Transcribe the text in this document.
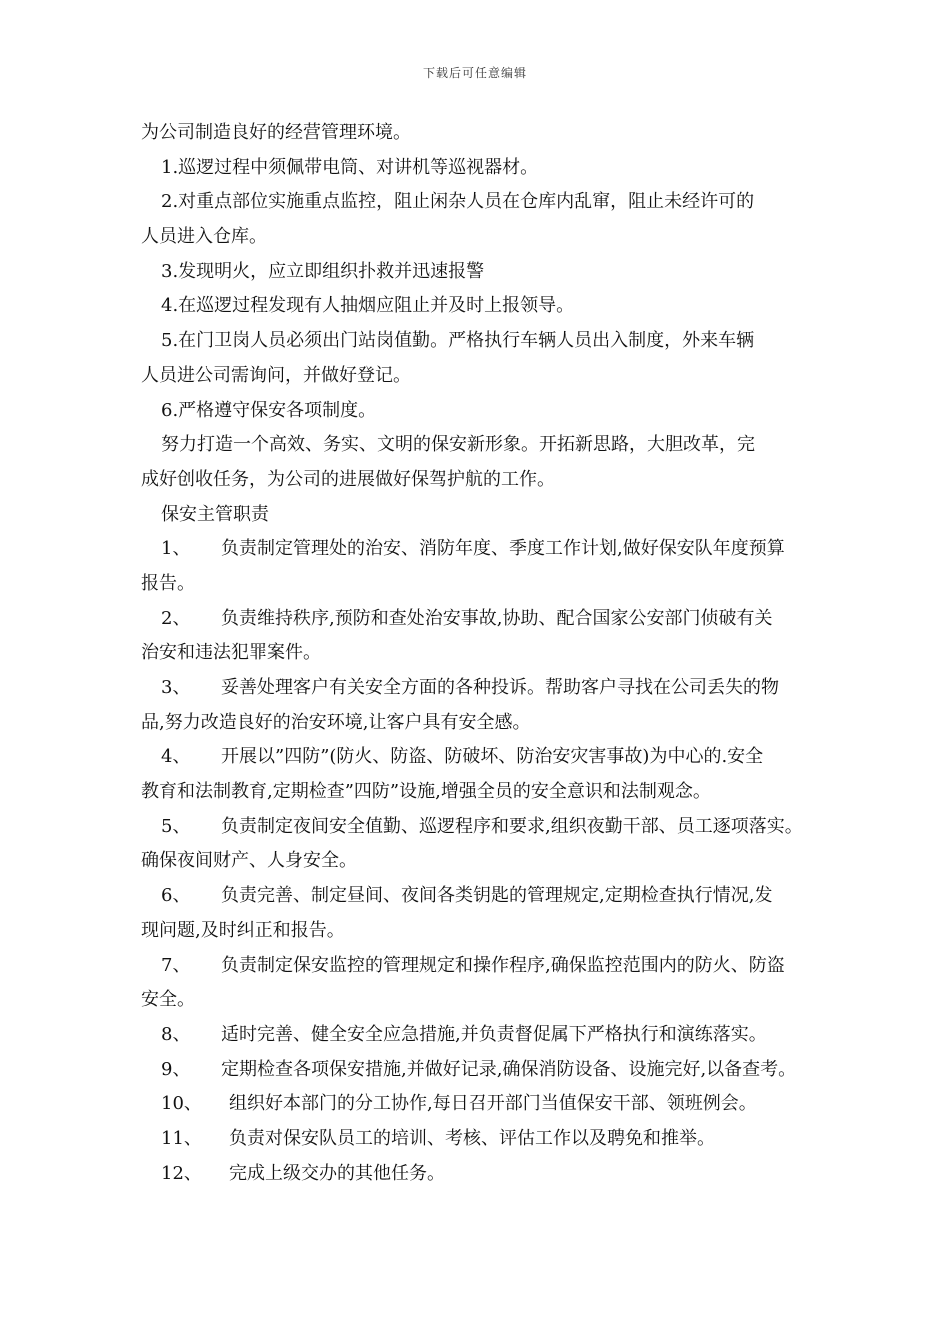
下载后可任意编辑
为公司制造良好的经营管理环境。
1.巡逻过程中须佩带电筒、对讲机等巡视器材。
2.对重点部位实施重点监控，阻止闲杂人员在仓库内乱窜，阻止未经许可的
人员进入仓库。
3.发现明火，应立即组织扑救并迅速报警
4.在巡逻过程发现有人抽烟应阻止并及时上报领导。
5.在门卫岗人员必须出门站岗值勤。严格执行车辆人员出入制度，外来车辆
人员进公司需询问，并做好登记。
6.严格遵守保安各项制度。
努力打造一个高效、务实、文明的保安新形象。开拓新思路，大胆改革，完
成好创收任务，为公司的进展做好保驾护航的工作。
保安主管职责
1、 负责制定管理处的治安、消防年度、季度工作计划,做好保安队年度预算
报告。
2、 负责维持秩序,预防和查处治安事故,协助、配合国家公安部门侦破有关
治安和违法犯罪案件。
3、 妥善处理客户有关安全方面的各种投诉。帮助客户寻找在公司丢失的物
品,努力改造良好的治安环境,让客户具有安全感。
4、 开展以”四防”(防火、防盗、防破坏、防治安灾害事故)为中心的.安全
教育和法制教育,定期检查”四防”设施,增强全员的安全意识和法制观念。
5、 负责制定夜间安全值勤、巡逻程序和要求,组织夜勤干部、员工逐项落实。
确保夜间财产、人身安全。
6、 负责完善、制定昼间、夜间各类钥匙的管理规定,定期检查执行情况,发
现问题,及时纠正和报告。
7、 负责制定保安监控的管理规定和操作程序,确保监控范围内的防火、防盗
安全。
8、 适时完善、健全安全应急措施,并负责督促属下严格执行和演练落实。
9、 定期检查各项保安措施,并做好记录,确保消防设备、设施完好,以备查考。
10、 组织好本部门的分工协作,每日召开部门当值保安干部、领班例会。
11、 负责对保安队员工的培训、考核、评估工作以及聘免和推举。
12、 完成上级交办的其他任务。
